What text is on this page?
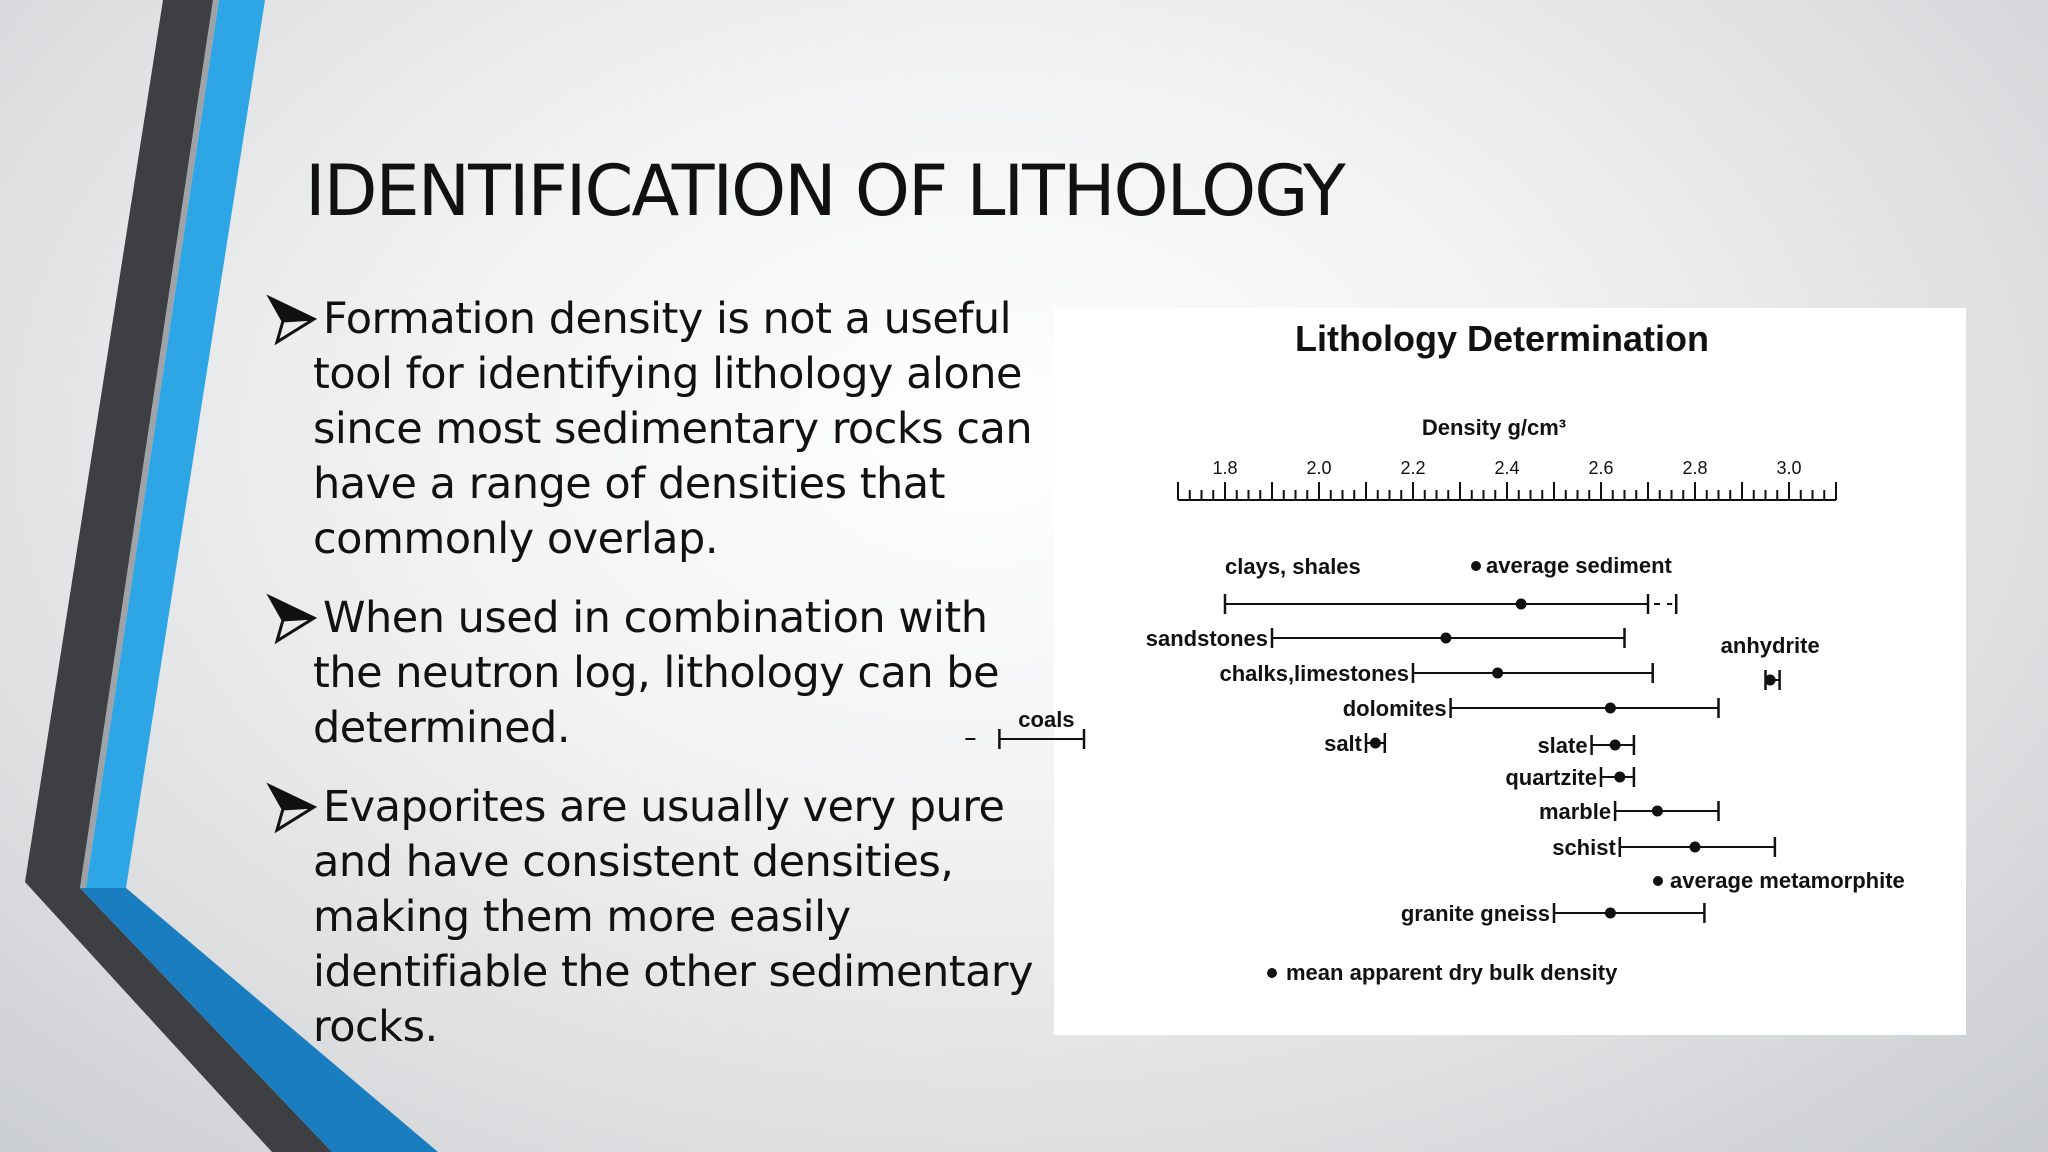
IDENTIFICATION OF LITHOLOGY
Formation density is not a useful tool for identifying lithology alone since most sedimentary rocks can have a range of densities that commonly overlap.
When used in combination with the neutron log, lithology can be determined.
Evaporites are usually very pure and have consistent densities, making them more easily identifiable the other sedimentary rocks.
Lithology Determination
Density g/cm³
1.8	2.0	2.2	2.4	2.6	2.8	3.0
clays, shales
sandstones
chalks,limestones
dolomites
salt	slate
quartzite
marble
schist
granite gneiss
anhydrite
coals
average sediment
average metamorphite
mean apparent dry bulk density
